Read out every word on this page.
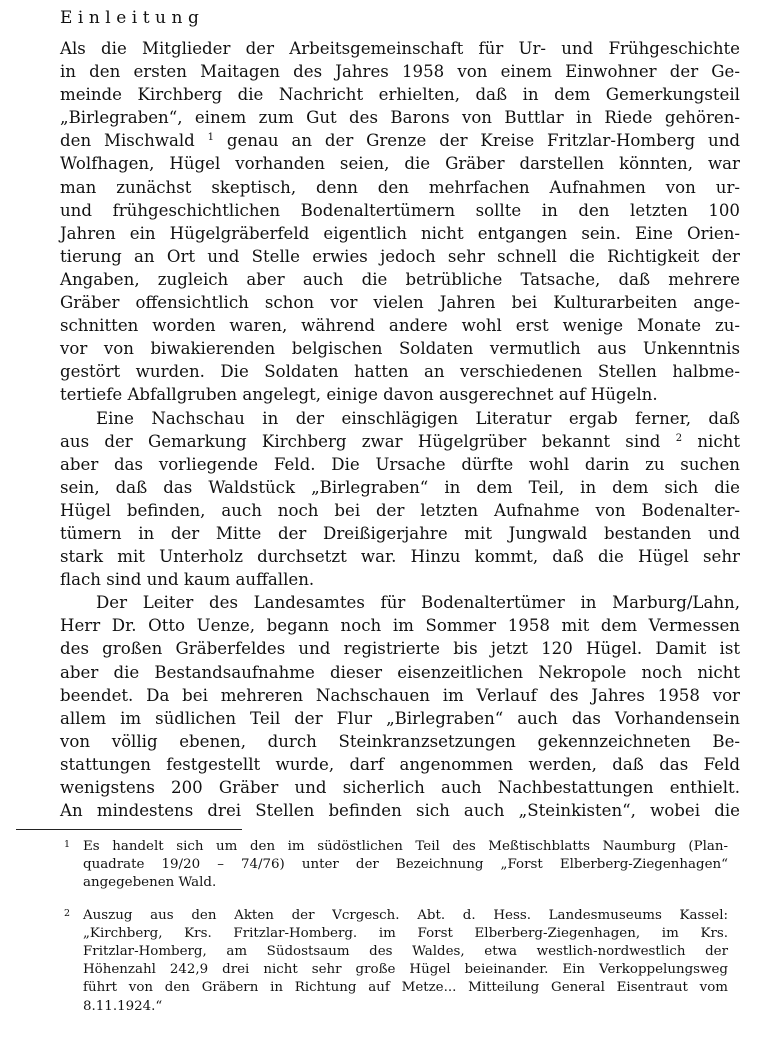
Einleitung
Als die Mitglieder der Arbeitsgemeinschaft für Ur- und Frühgeschichte
in den ersten Maitagen des Jahres 1958 von einem Einwohner der Ge-
meinde Kirchberg die Nachricht erhielten, daß in dem Gemerkungsteil
„Birlegraben“, einem zum Gut des Barons von Buttlar in Riede gehören-
den Mischwald $^1$ genau an der Grenze der Kreise Fritzlar-Homberg und
Wolfhagen, Hügel vorhanden seien, die Gräber darstellen könnten, war
man zunächst skeptisch, denn den mehrfachen Aufnahmen von ur-
und frühgeschichtlichen Bodenaltertümern sollte in den letzten 100
Jahren ein Hügelgräberfeld eigentlich nicht entgangen sein. Eine Orien-
tierung an Ort und Stelle erwies jedoch sehr schnell die Richtigkeit der
Angaben, zugleich aber auch die betrübliche Tatsache, daß mehrere
Gräber offensichtlich schon vor vielen Jahren bei Kulturarbeiten ange-
schnitten worden waren, während andere wohl erst wenige Monate zu-
vor von biwakierenden belgischen Soldaten vermutlich aus Unkenntnis
gestört wurden. Die Soldaten hatten an verschiedenen Stellen halbme-
tertiefe Abfallgruben angelegt, einige davon ausgerechnet auf Hügeln.
Eine Nachschau in der einschlägigen Literatur ergab ferner, daß
aus der Gemarkung Kirchberg zwar Hügelgrüber bekannt sind $^2$ nicht
aber das vorliegende Feld. Die Ursache dürfte wohl darin zu suchen
sein, daß das Waldstück „Birlegraben“ in dem Teil, in dem sich die
Hügel befinden, auch noch bei der letzten Aufnahme von Bodenalter-
tümern in der Mitte der Dreißigerjahre mit Jungwald bestanden und
stark mit Unterholz durchsetzt war. Hinzu kommt, daß die Hügel sehr
flach sind und kaum auffallen.
Der Leiter des Landesamtes für Bodenaltertümer in Marburg/Lahn,
Herr Dr. Otto Uenze, begann noch im Sommer 1958 mit dem Vermessen
des großen Gräberfeldes und registrierte bis jetzt 120 Hügel. Damit ist
aber die Bestandsaufnahme dieser eisenzeitlichen Nekropole noch nicht
beendet. Da bei mehreren Nachschauen im Verlauf des Jahres 1958 vor
allem im südlichen Teil der Flur „Birlegraben“ auch das Vorhandensein
von völlig ebenen, durch Steinkranzsetzungen gekennzeichneten Be-
stattungen festgestellt wurde, darf angenommen werden, daß das Feld
wenigstens 200 Gräber und sicherlich auch Nachbestattungen enthielt.
An mindestens drei Stellen befinden sich auch „Steinkisten“, wobei die
1 Es handelt sich um den im südöstlichen Teil des Meßtischblatts Naumburg (Plan-
quadrate 19/20 – 74/76) unter der Bezeichnung „Forst Elberberg-Ziegenhagen“
angegebenen Wald.
2 Auszug aus den Akten der Vcrgesch. Abt. d. Hess. Landesmuseums Kassel:
„Kirchberg, Krs. Fritzlar-Homberg. im Forst Elberberg-Ziegenhagen, im Krs.
Fritzlar-Homberg, am Südostsaum des Waldes, etwa westlich-nordwestlich der
Höhenzahl 242,9 drei nicht sehr große Hügel beieinander. Ein Verkoppelungsweg
führt von den Gräbern in Richtung auf Metze... Mitteilung General Eisentraut vom
8.11.1924.“
